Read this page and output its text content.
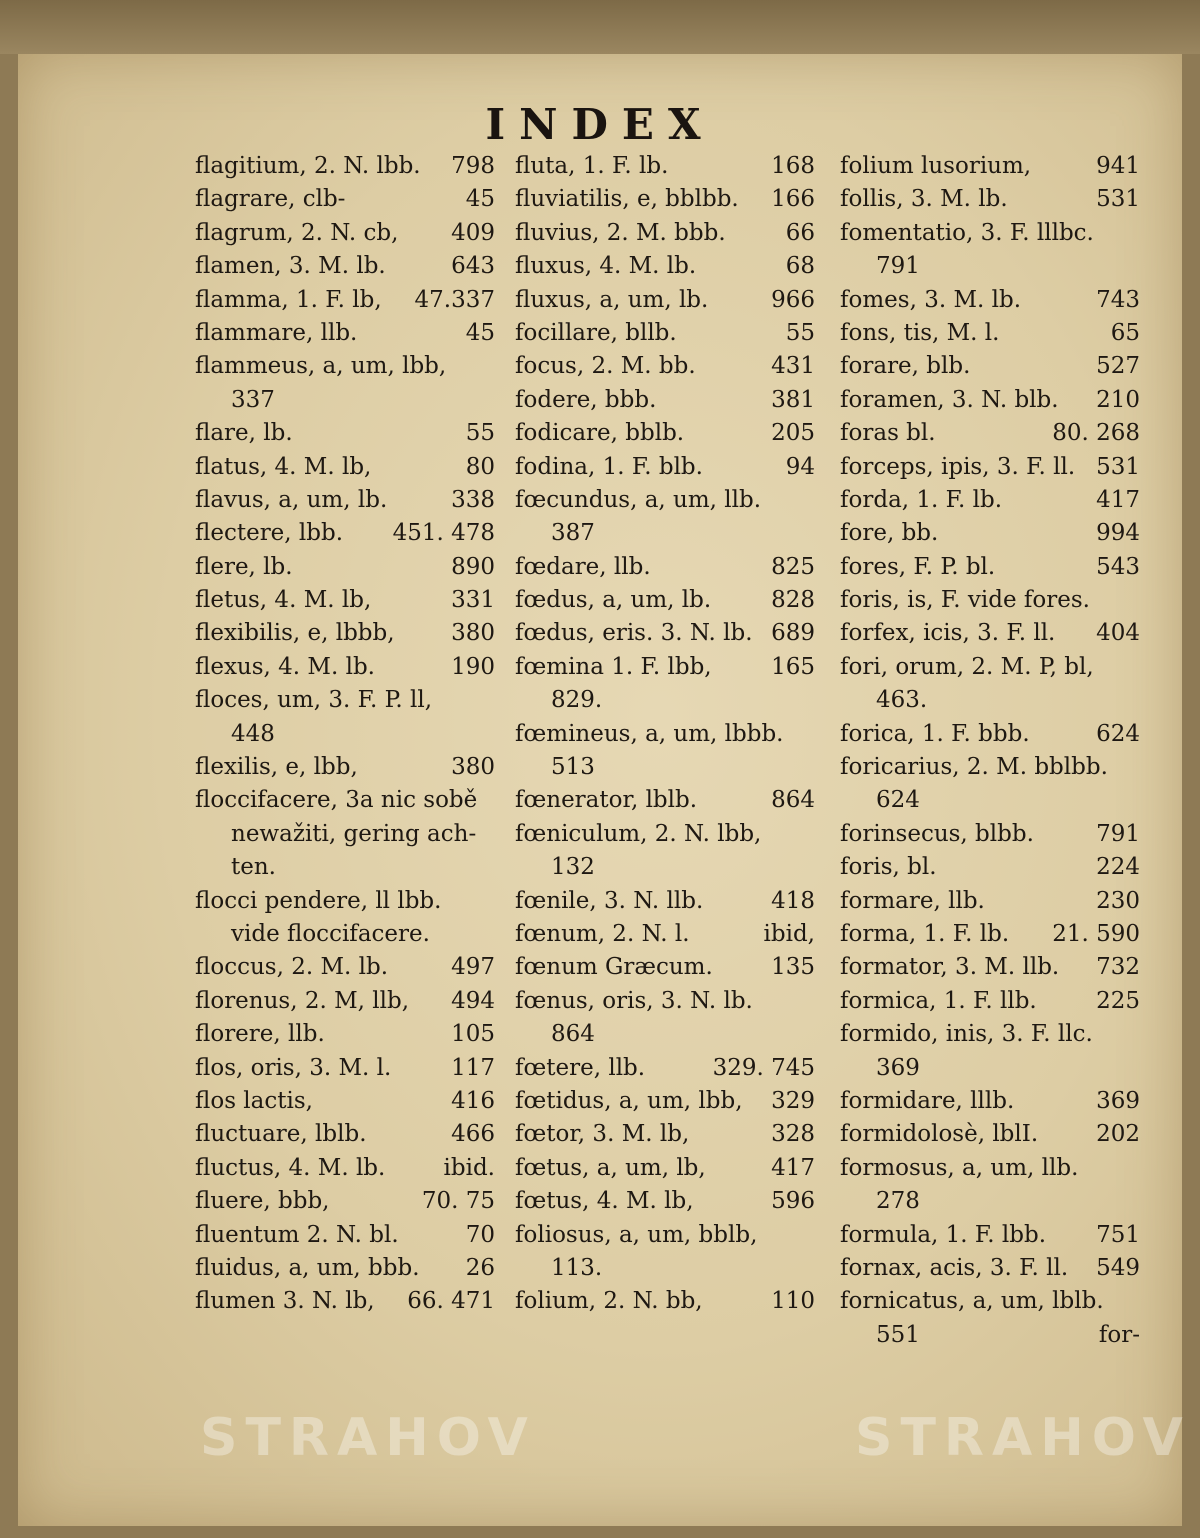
INDEX
flagitium, 2. N. lbb. 798
flagrare, clb-	45
flagrum, 2. N. cb, 409
flamen, 3. M. lb.	643
flamma, 1. F. lb, 47.337
flammare, llb.	45
flammeus, a, um, lbb,
337
flare, lb.	55
flatus, 4. M. lb,	80
flavus, a, um, lb.	338
flectere, lbb. 451. 478
flere, lb.	890
fletus, 4. M. lb,	331
flexibilis, e, lbbb, 380
flexus, 4. M. lb.	190
floces, um, 3. F. P. ll,
448
flexilis, e, lbb,	380
floccifacere, 3a nic sobě
newažiti, gering ach-
ten.
flocci pendere, ll lbb.
vide floccifacere.
floccus, 2. M. lb.	497
florenus, 2. M, llb, 494
florere, llb.	105
flos, oris, 3. M. l.	117
flos lactis,	416
fluctuare, lblb.	466
fluctus, 4. M. lb.	ibid.
fluere, bbb,	70. 75
fluentum 2. N. bl.	70
fluidus, a, um, bbb. 26
flumen 3. N. lb, 66. 471
fluta, 1. F. lb.	168
fluviatilis, e, bblbb. 166
fluvius, 2. M. bbb.	66
fluxus, 4. M. lb.	68
fluxus, a, um, lb.	966
focillare, bllb.	55
focus, 2. M. bb.	431
fodere, bbb.	381
fodicare, bblb.	205
fodina, 1. F. blb.	94
fœcundus, a, um, llb.
387
fœdare, llb.	825
fœdus, a, um, lb.	828
fœdus, eris. 3. N. lb. 689
fœmina 1. F. lbb,	165
829.
fœmineus, a, um, lbbb.
513
fœnerator, lblb.	864
fœniculum, 2. N. lbb,
132
fœnile, 3. N. llb.	418
fœnum, 2. N. l.	ibid,
fœnum Græcum.	135
fœnus, oris, 3. N. lb.
864
fœtere, llb.	329. 745
fœtidus, a, um, lbb, 329
fœtor, 3. M. lb,	328
fœtus, a, um, lb,	417
fœtus, 4. M. lb,	596
foliosus, a, um, bblb,
113.
folium, 2. N. bb,	110
folium lusorium,	941
follis, 3. M. lb.	531
fomentatio, 3. F. lllbc.
791
fomes, 3. M. lb.	743
fons, tis, M. l.	65
forare, blb.	527
foramen, 3. N. blb. 210
foras bl.	80. 268
forceps, ipis, 3. F. ll. 531
forda, 1. F. lb.	417
fore, bb.	994
fores, F. P. bl.	543
foris, is, F. vide fores.
forfex, icis, 3. F. ll. 404
fori, orum, 2. M. P, bl,
463.
forica, 1. F. bbb.	624
foricarius, 2. M. bblbb.
624
forinsecus, blbb.	791
foris, bl.	224
formare, llb.	230
forma, 1. F. lb. 21. 590
formator, 3. M. llb. 732
formica, 1. F. llb.	225
formido, inis, 3. F. llc.
369
formidare, lllb.	369
formidolosè, lblI.	202
formosus, a, um, llb.
278
formula, 1. F. lbb. 751
fornax, acis, 3. F. ll. 549
fornicatus, a, um, lblb.
551	for-
STRAHOV	STRAHOV
